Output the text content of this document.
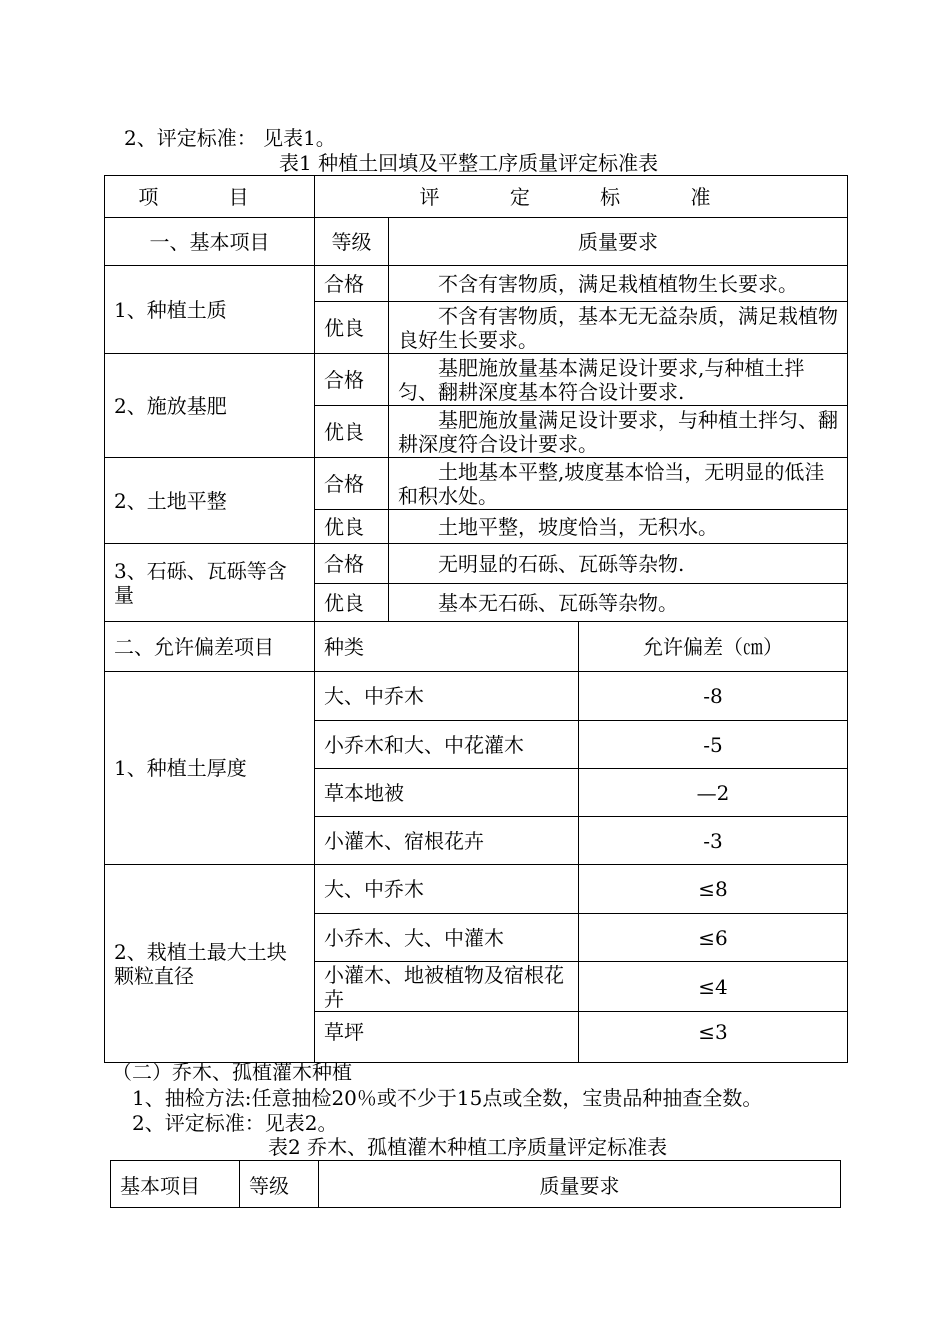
2、评定标准： 见表1。
表1 种植土回填及平整工序质量评定标准表
项 目	评 定 标 准		
一、基本项目	等级	质量要求	
1、种植土质	合格	不含有害物质，满足栽植植物生长要求。	
	优良	不含有害物质，基本无无益杂质，满足栽植物良好生长要求。	
2、施放基肥	合格	基肥施放量基本满足设计要求,与种植土拌匀、翻耕深度基本符合设计要求.	
	优良	基肥施放量满足设计要求，与种植土拌匀、翻耕深度符合设计要求。	
2、土地平整	合格	土地基本平整,坡度基本恰当，无明显的低洼和积水处。	
	优良	土地平整，坡度恰当，无积水。	
3、石砾、瓦砾等含量	合格	无明显的石砾、瓦砾等杂物.	
	优良	基本无石砾、瓦砾等杂物。	
二、允许偏差项目	种类		允许偏差（㎝）
1、种植土厚度	大、中乔木		-8
	小乔木和大、中花灌木		-5
	草本地被		—2
	小灌木、宿根花卉		-3
2、栽植土最大土块颗粒直径	大、中乔木		≤8
	小乔木、大、中灌木		≤6
	小灌木、地被植物及宿根花卉		≤4
	草坪		≤3
（二）乔木、孤植灌木种植
1、抽检方法:任意抽检20％或不少于15点或全数，宝贵品种抽查全数。
2、评定标准：见表2。
表2 乔木、孤植灌木种植工序质量评定标准表
基本项目	等级	质量要求
